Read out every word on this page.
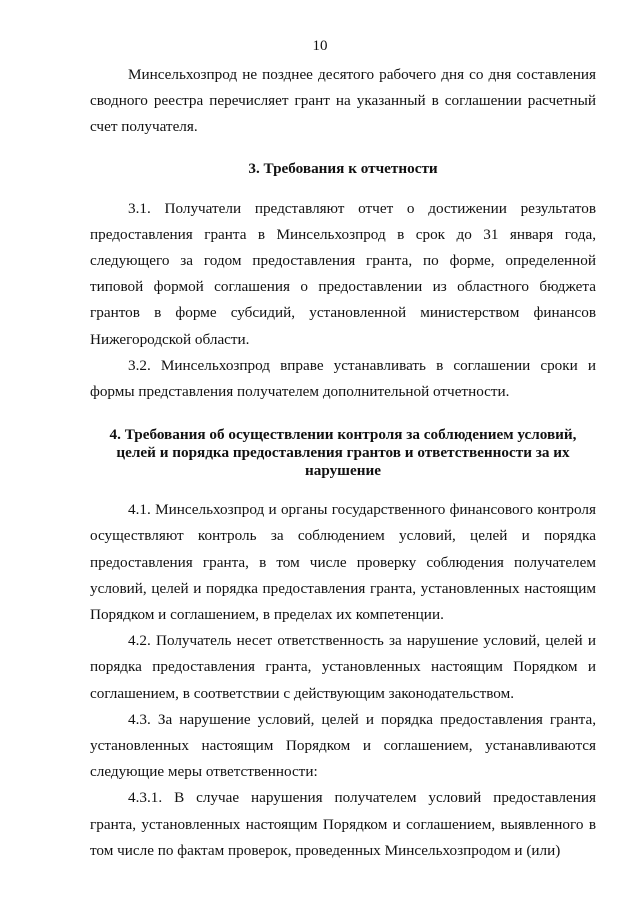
10

Минсельхозпрод не позднее десятого рабочего дня со дня составления сводного реестра перечисляет грант на указанный в соглашении расчетный счет получателя.

3. Требования к отчетности

3.1. Получатели представляют отчет о достижении результатов предоставления гранта в Минсельхозпрод в срок до 31 января года, следующего за годом предоставления гранта, по форме, определенной типовой формой соглашения о предоставлении из областного бюджета грантов в форме субсидий, установленной министерством финансов Нижегородской области.

3.2. Минсельхозпрод вправе устанавливать в соглашении сроки и формы представления получателем дополнительной отчетности.

4. Требования об осуществлении контроля за соблюдением условий, целей и порядка предоставления грантов и ответственности за их нарушение

4.1. Минсельхозпрод и органы государственного финансового контроля осуществляют контроль за соблюдением условий, целей и порядка предоставления гранта, в том числе проверку соблюдения получателем условий, целей и порядка предоставления гранта, установленных настоящим Порядком и соглашением, в пределах их компетенции.

4.2. Получатель несет ответственность за нарушение условий, целей и порядка предоставления гранта, установленных настоящим Порядком и соглашением, в соответствии с действующим законодательством.

4.3. За нарушение условий, целей и порядка предоставления гранта, установленных настоящим Порядком и соглашением, устанавливаются следующие меры ответственности:

4.3.1. В случае нарушения получателем условий предоставления гранта, установленных настоящим Порядком и соглашением, выявленного в том числе по фактам проверок, проведенных Минсельхозпродом и (или)
